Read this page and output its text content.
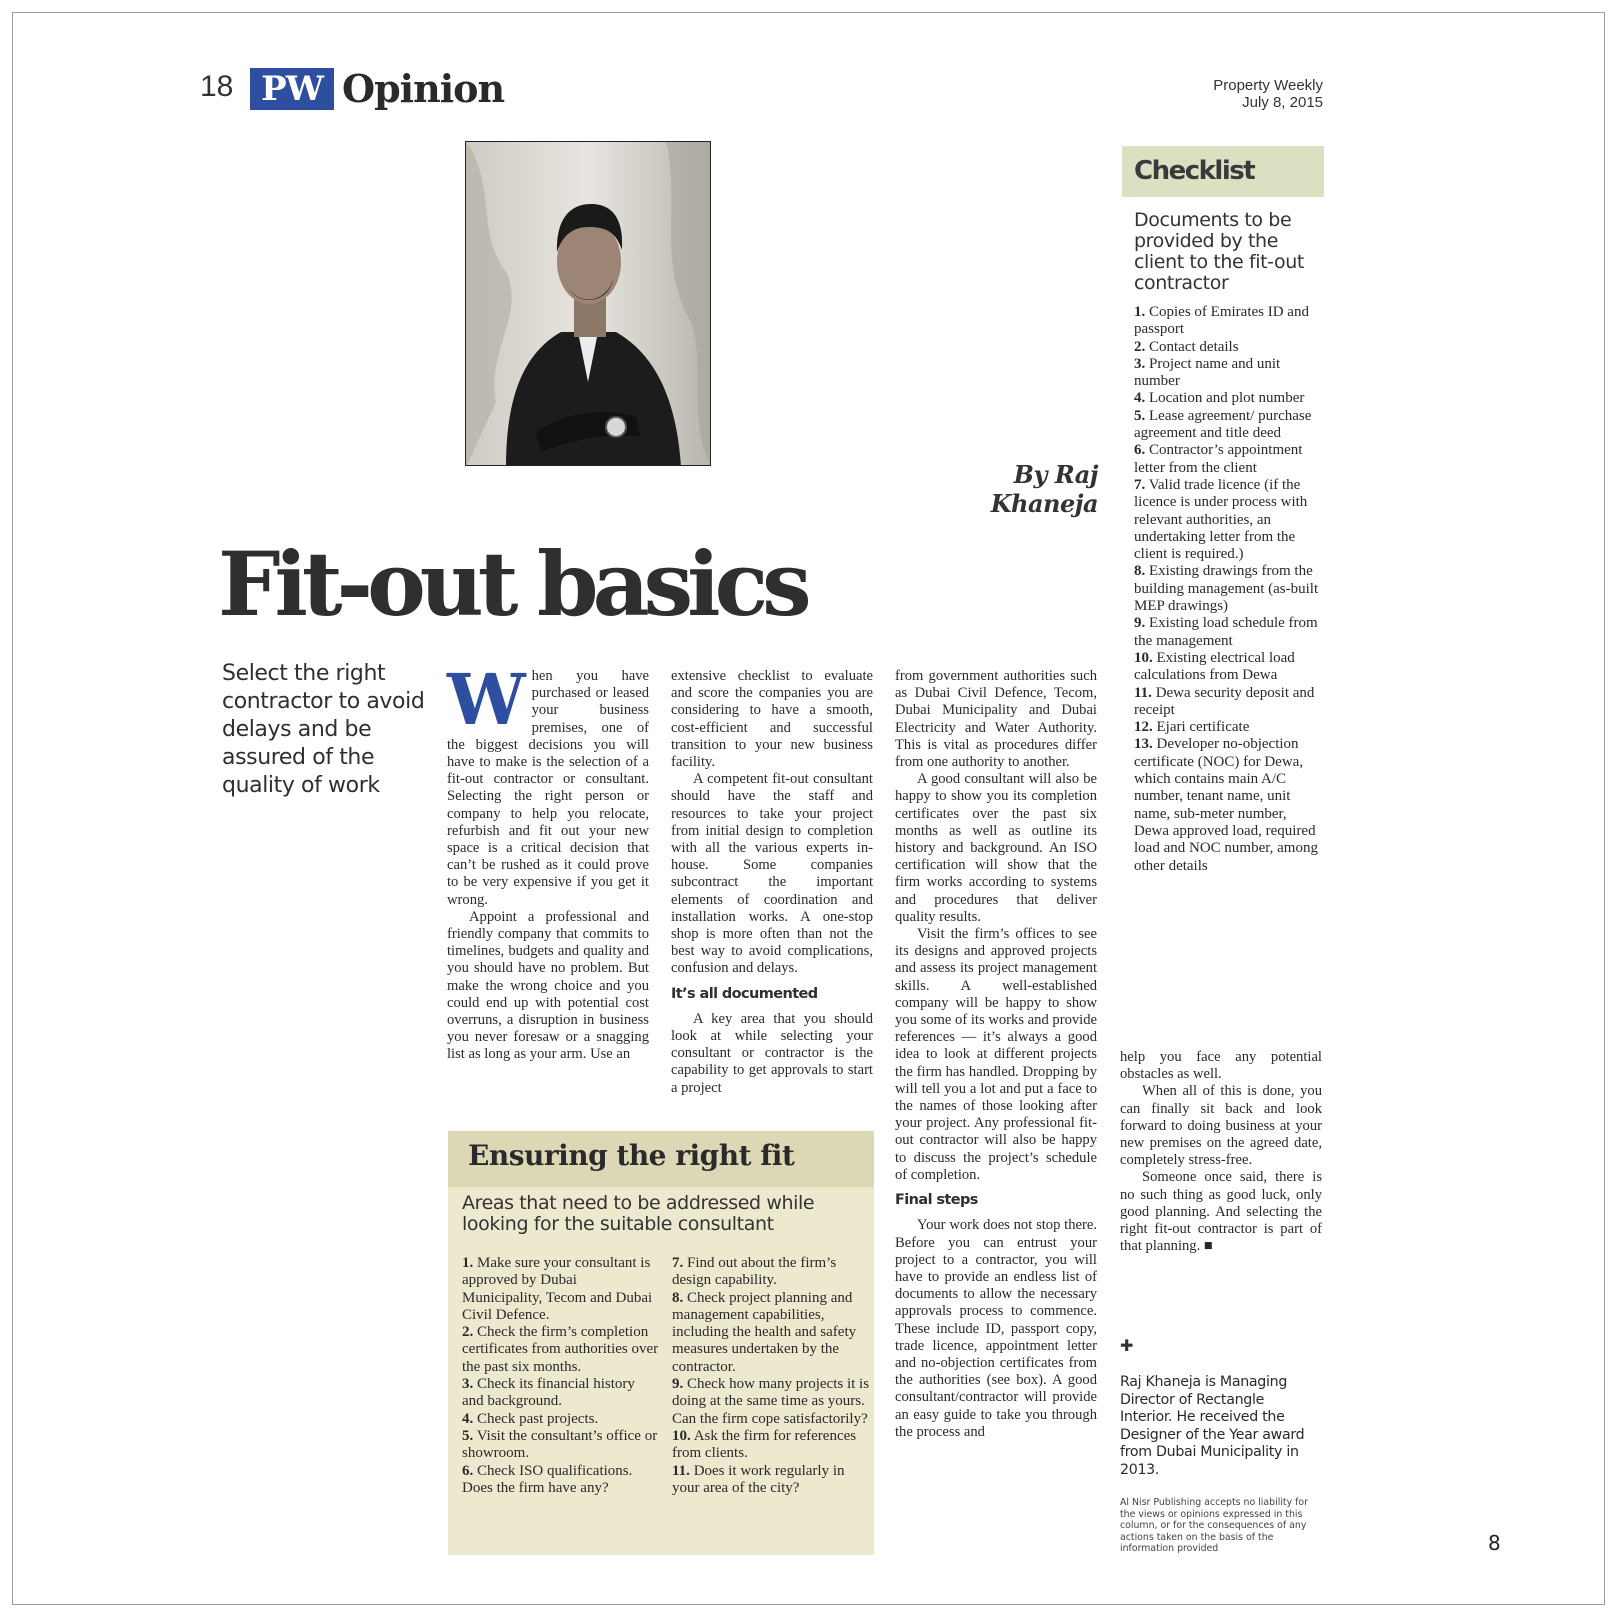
18 PW Opinion	Property Weekly
July 8, 2015
By Raj Khaneja
Fit-out basics
Select the right contractor to avoid delays and be assured of the quality of work

When you have purchased or leased your business premises, one of the biggest decisions you will have to make is the selection of a fit-out contractor or consultant. Selecting the right person or company to help you relocate, refurbish and fit out your new space is a critical decision that can’t be rushed as it could prove to be very expensive if you get it wrong.

Appoint a professional and friendly company that commits to timelines, budgets and quality and you should have no problem. But make the wrong choice and you could end up with potential cost overruns, a disruption in business you never foresaw or a snagging list as long as your arm. Use an

extensive checklist to evaluate and score the companies you are considering to have a smooth, cost-efficient and successful transition to your new business facility.

A competent fit-out consultant should have the staff and resources to take your project from initial design to completion with all the various experts in-house. Some companies subcontract the important elements of coordination and installation works. A one-stop shop is more often than not the best way to avoid complications, confusion and delays.

It’s all documented

A key area that you should look at while selecting your consultant or contractor is the capability to get approvals to start a project

from government authorities such as Dubai Civil Defence, Tecom, Dubai Municipality and Dubai Electricity and Water Authority. This is vital as procedures differ from one authority to another.

A good consultant will also be happy to show you its completion certificates over the past six months as well as outline its history and background. An ISO certification will show that the firm works according to systems and procedures that deliver quality results.

Visit the firm’s offices to see its designs and approved projects and assess its project management skills. A well-established company will be happy to show you some of its works and provide references — it’s always a good idea to look at different projects the firm has handled. Dropping by will tell you a lot and put a face to the names of those looking after your project. Any professional fit-out contractor will also be happy to discuss the project’s schedule of completion.

Final steps

Your work does not stop there. Before you can entrust your project to a contractor, you will have to provide an endless list of documents to allow the necessary approvals process to commence. These include ID, passport copy, trade licence, appointment letter and no-objection certificates from the authorities (see box). A good consultant/contractor will provide an easy guide to take you through the process and

help you face any potential obstacles as well.

When all of this is done, you can finally sit back and look forward to doing business at your new premises on the agreed date, completely stress-free.

Someone once said, there is no such thing as good luck, only good planning. And selecting the right fit-out contractor is part of that planning. ■

Ensuring the right fit
Areas that need to be addressed while looking for the suitable consultant
1. Make sure your consultant is approved by Dubai Municipality, Tecom and Dubai Civil Defence.
2. Check the firm’s completion certificates from authorities over the past six months.
3. Check its financial history and background.
4. Check past projects.
5. Visit the consultant’s office or showroom.
6. Check ISO qualifications. Does the firm have any?
7. Find out about the firm’s design capability.
8. Check project planning and management capabilities, including the health and safety measures undertaken by the contractor.
9. Check how many projects it is doing at the same time as yours. Can the firm cope satisfactorily?
10. Ask the firm for references from clients.
11. Does it work regularly in your area of the city?
Checklist
Documents to be provided by the client to the fit-out contractor
1. Copies of Emirates ID and passport
2. Contact details
3. Project name and unit number
4. Location and plot number
5. Lease agreement/ purchase agreement and title deed
6. Contractor’s appointment letter from the client
7. Valid trade licence (if the licence is under process with relevant authorities, an undertaking letter from the client is required.)
8. Existing drawings from the building management (as-built MEP drawings)
9. Existing load schedule from the management
10. Existing electrical load calculations from Dewa
11. Dewa security deposit and receipt
12. Ejari certificate
13. Developer no-objection certificate (NOC) for Dewa, which contains main A/C number, tenant name, unit name, sub-meter number, Dewa approved load, required load and NOC number, among other details
✚
Raj Khaneja is Managing Director of Rectangle Interior. He received the Designer of the Year award from Dubai Municipality in 2013.
Al Nisr Publishing accepts no liability for the views or opinions expressed in this column, or for the consequences of any actions taken on the basis of the information provided	8
